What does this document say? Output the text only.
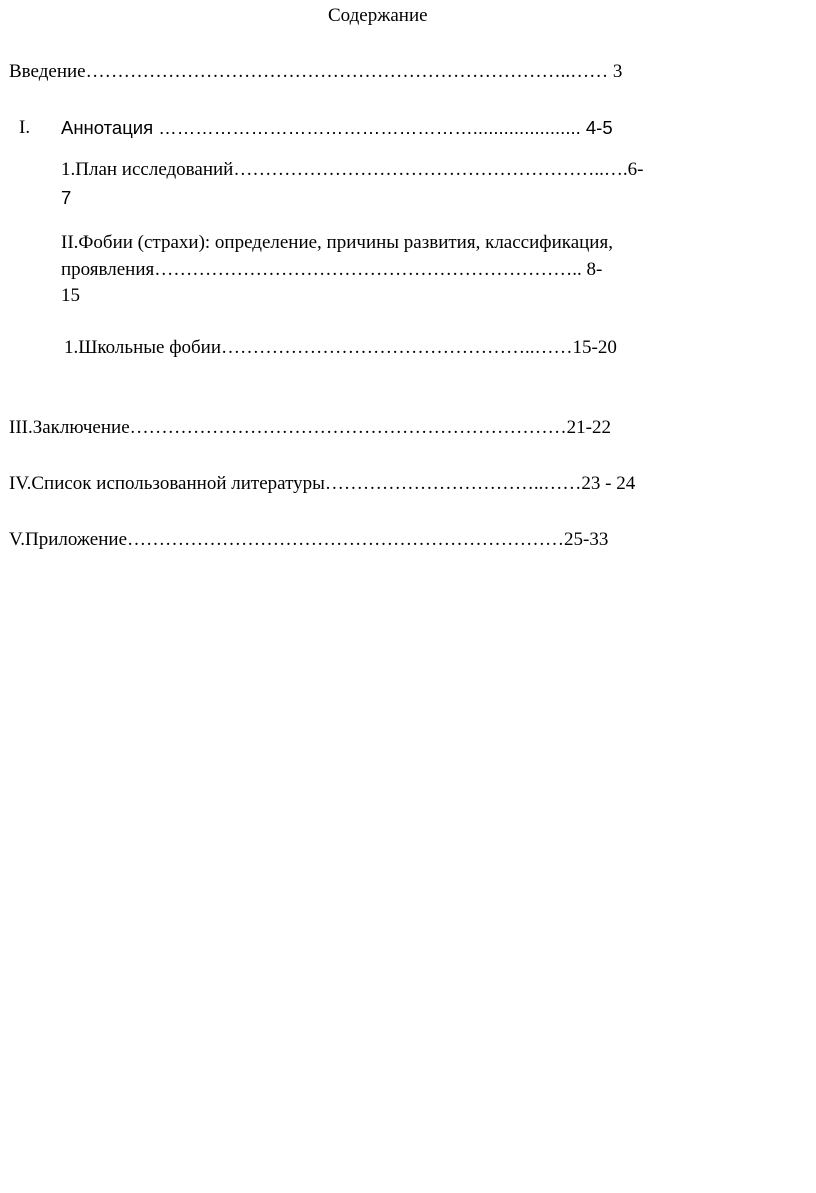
Содержание
Введение…………………………………………………………………..…… 3
I. Аннотация ……………………………………………..................... 4-5
1.План исследований…………………………………………………..….6-
7
II.Фобии (страхи): определение, причины развития, классификация,
проявления………………………………………………………….. 8-
15
1.Школьные фобии…………………………………………..……15-20
III.Заключение……………………………………………………………21-22
IV.Список использованной литературы……………………………..……23 - 24
V.Приложение……………………………………………………………25-33
